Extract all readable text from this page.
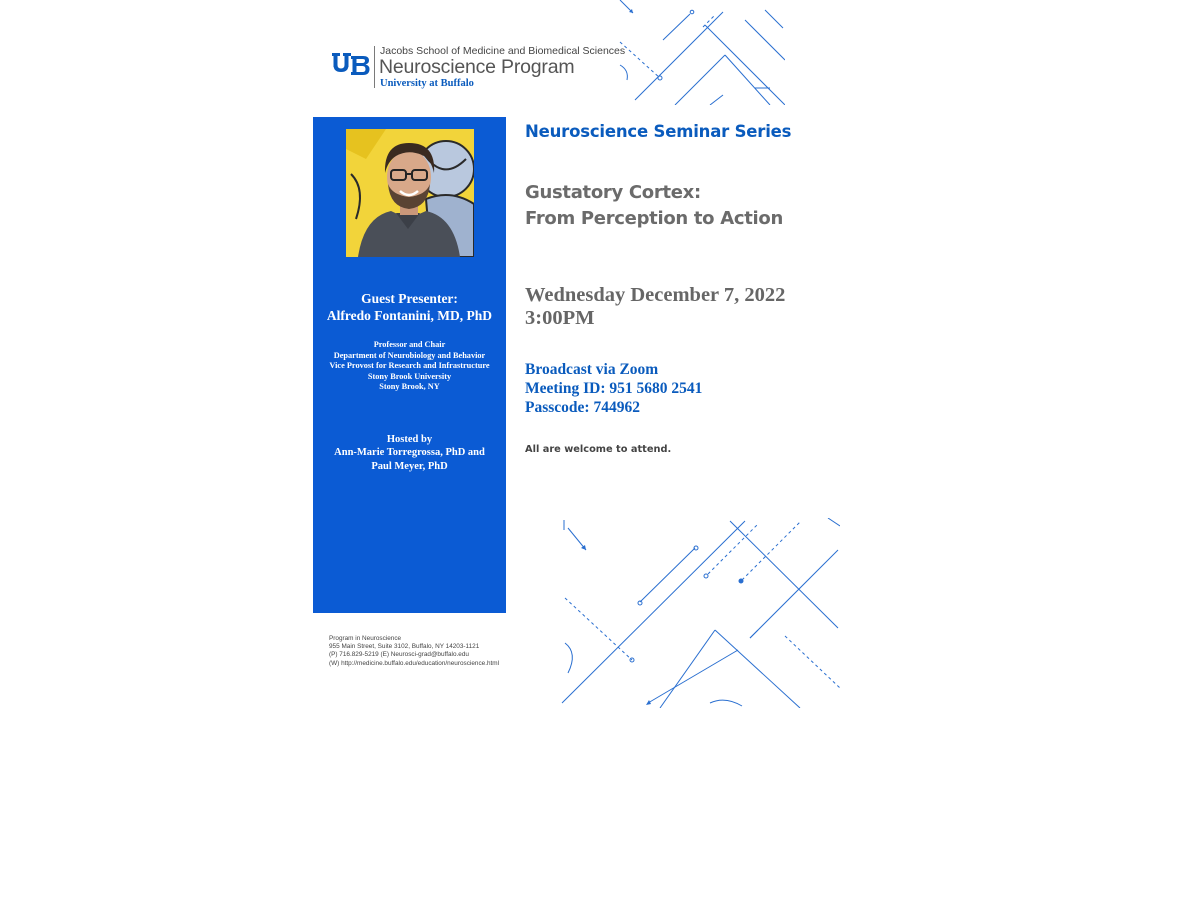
Jacobs School of Medicine and Biomedical Sciences
Neuroscience Program
University at Buffalo
Guest Presenter:
Alfredo Fontanini, MD, PhD
Professor and Chair
Department of Neurobiology and Behavior
Vice Provost for Research and Infrastructure
Stony Brook University
Stony Brook, NY
Hosted by
Ann-Marie Torregrossa, PhD and
Paul Meyer, PhD
Neuroscience Seminar Series
Gustatory Cortex:
From Perception to Action
Wednesday December 7, 2022
3:00PM
Broadcast via Zoom
Meeting ID: 951 5680 2541
Passcode: 744962
All are welcome to attend.
Program in Neuroscience
955 Main Street, Suite 3102, Buffalo, NY 14203-1121
(P) 716.829-5219 (E) Neurosci-grad@buffalo.edu
(W) http://medicine.buffalo.edu/education/neuroscience.html
